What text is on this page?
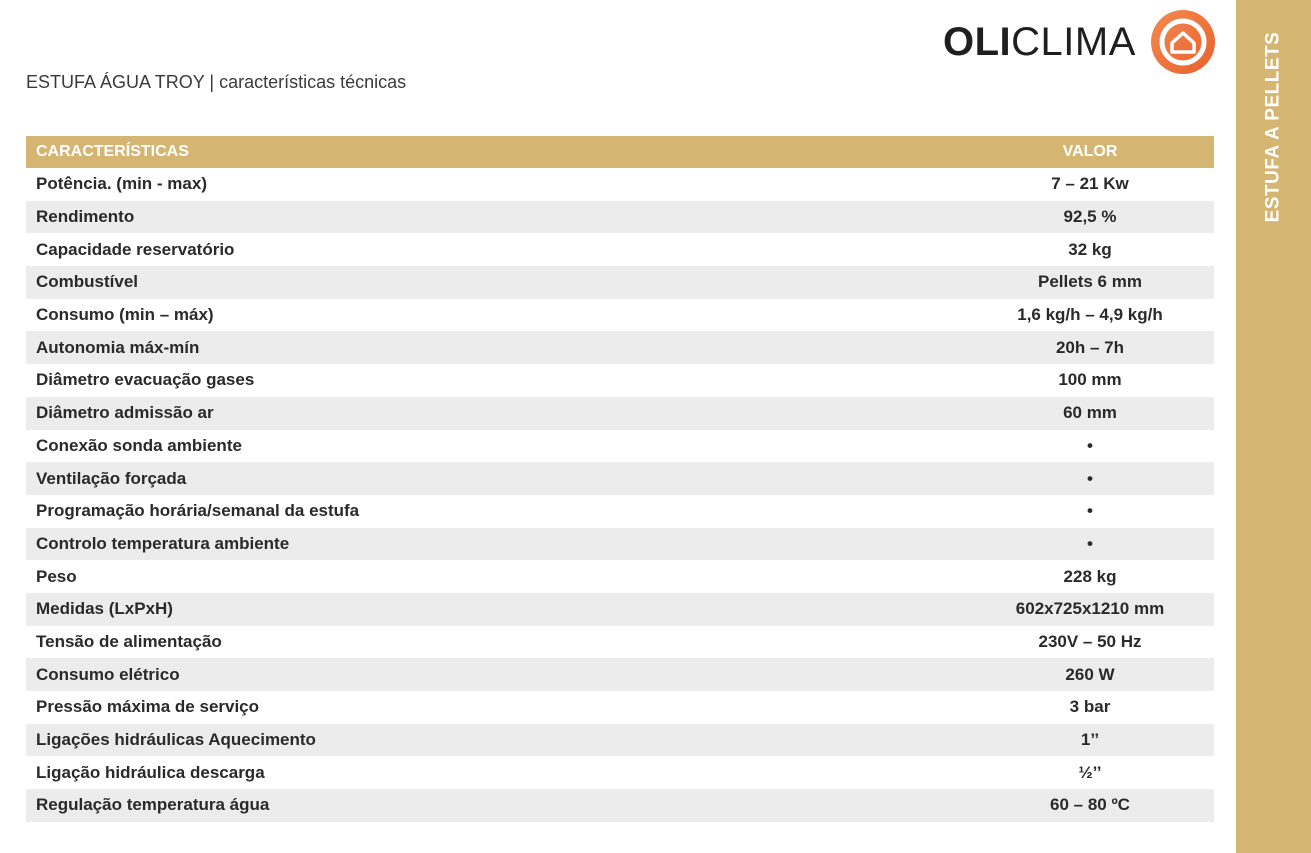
ESTUFA A PELLETS
OLICLIMA
ESTUFA ÁGUA TROY | características técnicas
CARACTERÍSTICAS	VALOR
Potência. (min - max)	7 – 21 Kw
Rendimento	92,5 %
Capacidade reservatório	32 kg
Combustível	Pellets 6 mm
Consumo (min – máx)	1,6 kg/h – 4,9 kg/h
Autonomia máx-mín	20h – 7h
Diâmetro evacuação gases	100 mm
Diâmetro admissão ar	60 mm
Conexão sonda ambiente	•
Ventilação forçada	•
Programação horária/semanal da estufa	•
Controlo temperatura ambiente	•
Peso	228 kg
Medidas (LxPxH)	602x725x1210 mm
Tensão de alimentação	230V – 50 Hz
Consumo elétrico	260 W
Pressão máxima de serviço	3 bar
Ligações hidráulicas Aquecimento	1’’
Ligação hidráulica descarga	½’’
Regulação temperatura água	60 – 80 ºC
